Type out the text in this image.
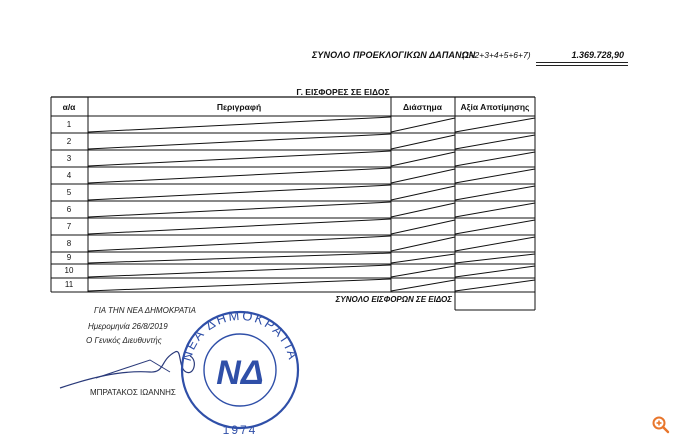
ΣΥΝΟΛΟ ΠΡΟΕΚΛΟΓΙΚΩΝ ΔΑΠΑΝΩΝ
(1+2+3+4+5+6+7)	1.369.728,90
Γ. ΕΙΣΦΟΡΕΣ ΣΕ ΕΙΔΟΣ
α/α	Περιγραφή	Διάστημα	Αξία Αποτίμησης
1
2
3
4
5
6
7
8
9
10
11
ΣΥΝΟΛΟ ΕΙΣΦΟΡΩΝ ΣΕ ΕΙΔΟΣ
ΓΙΑ ΤΗΝ ΝΕΑ ΔΗΜΟΚΡΑΤΙΑ
Ημερομηνία 26/8/2019
Ο Γενικός Διευθυντής
ΜΠΡΑΤΑΚΟΣ ΙΩΑΝΝΗΣ
ΝΕΑ ΔΗΜΟΚΡΑΤΙΑ
ΝΔ
1974
